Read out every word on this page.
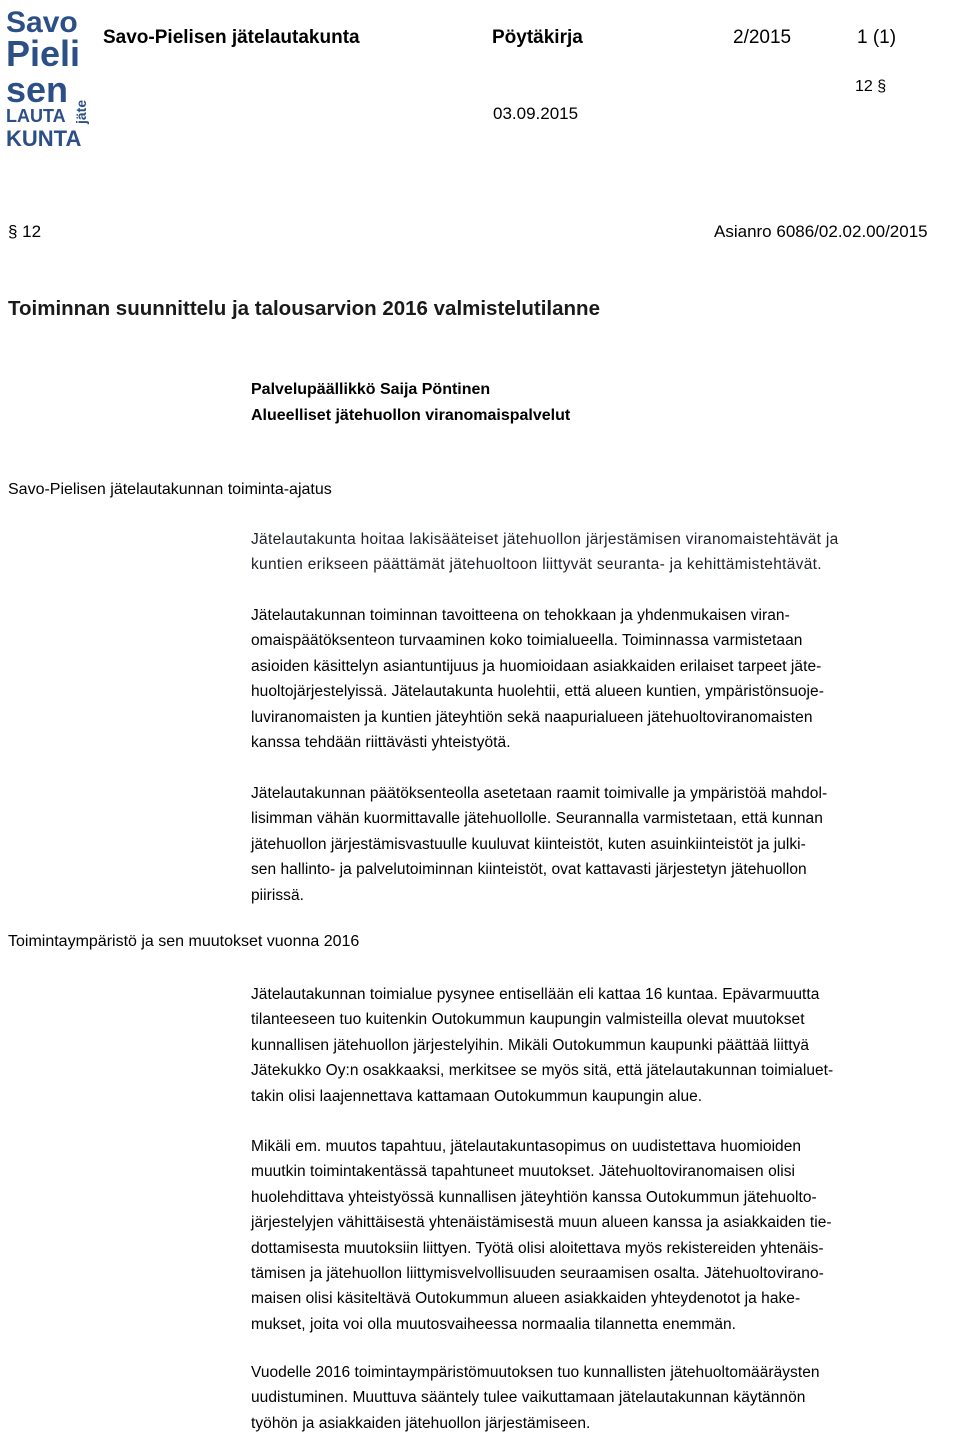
Savo
Pieli
sen
LAUTA
KUNTA
jäte
Savo-Pielisen jätelautakunta	Pöytäkirja	2/2015	1 (1)
12 §
03.09.2015
§ 12	Asianro 6086/02.02.00/2015
Toiminnan suunnittelu ja talousarvion 2016 valmistelutilanne
Palvelupäällikkö Saija Pöntinen
Alueelliset jätehuollon viranomaispalvelut
Savo-Pielisen jätelautakunnan toiminta-ajatus
Jätelautakunta hoitaa lakisääteiset jätehuollon järjestämisen viranomaistehtävät ja
kuntien erikseen päättämät jätehuoltoon liittyvät seuranta- ja kehittämistehtävät.
Jätelautakunnan toiminnan tavoitteena on tehokkaan ja yhdenmukaisen viran-
omaispäätöksenteon turvaaminen koko toimialueella. Toiminnassa varmistetaan
asioiden käsittelyn asiantuntijuus ja huomioidaan asiakkaiden erilaiset tarpeet jäte-
huoltojärjestelyissä. Jätelautakunta huolehtii, että alueen kuntien, ympäristönsuoje-
luviranomaisten ja kuntien jäteyhtiön sekä naapurialueen jätehuoltoviranomaisten
kanssa tehdään riittävästi yhteistyötä.
Jätelautakunnan päätöksenteolla asetetaan raamit toimivalle ja ympäristöä mahdol-
lisimman vähän kuormittavalle jätehuollolle. Seurannalla varmistetaan, että kunnan
jätehuollon järjestämisvastuulle kuuluvat kiinteistöt, kuten asuinkiinteistöt ja julki-
sen hallinto- ja palvelutoiminnan kiinteistöt, ovat kattavasti järjestetyn jätehuollon
piirissä.
Toimintaympäristö ja sen muutokset vuonna 2016
Jätelautakunnan toimialue pysynee entisellään eli kattaa 16 kuntaa. Epävarmuutta
tilanteeseen tuo kuitenkin Outokummun kaupungin valmisteilla olevat muutokset
kunnallisen jätehuollon järjestelyihin. Mikäli Outokummun kaupunki päättää liittyä
Jätekukko Oy:n osakkaaksi, merkitsee se myös sitä, että jätelautakunnan toimialuet-
takin olisi laajennettava kattamaan Outokummun kaupungin alue.
Mikäli em. muutos tapahtuu, jätelautakuntasopimus on uudistettava huomioiden
muutkin toimintakentässä tapahtuneet muutokset. Jätehuoltoviranomaisen olisi
huolehdittava yhteistyössä kunnallisen jäteyhtiön kanssa Outokummun jätehuolto-
järjestelyjen vähittäisestä yhtenäistämisestä muun alueen kanssa ja asiakkaiden tie-
dottamisesta muutoksiin liittyen. Työtä olisi aloitettava myös rekistereiden yhtenäis-
tämisen ja jätehuollon liittymisvelvollisuuden seuraamisen osalta. Jätehuoltovirano-
maisen olisi käsiteltävä Outokummun alueen asiakkaiden yhteydenotot ja hake-
mukset, joita voi olla muutosvaiheessa normaalia tilannetta enemmän.
Vuodelle 2016 toimintaympäristömuutoksen tuo kunnallisten jätehuoltomääräysten
uudistuminen. Muuttuva sääntely tulee vaikuttamaan jätelautakunnan käytännön
työhön ja asiakkaiden jätehuollon järjestämiseen.
